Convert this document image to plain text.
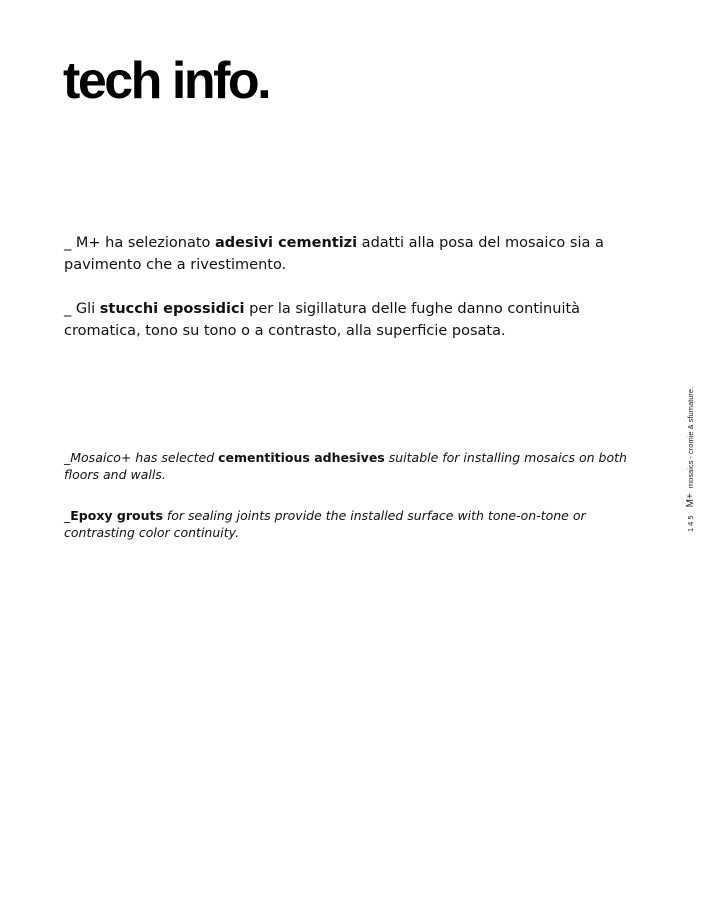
tech info.

_ M+ ha selezionato adesivi cementizi adatti alla posa del mosaico sia a pavimento che a rivestimento.

_ Gli stucchi epossidici per la sigillatura delle fughe danno continuità cromatica, tono su tono o a contrasto, alla superficie posata.

_Mosaico+ has selected cementitious adhesives suitable for installing mosaics on both floors and walls.

_Epoxy grouts for sealing joints provide the installed surface with tone-on-tone or contrasting color continuity.

145 M+ mosaics - cromie & sfumature.
